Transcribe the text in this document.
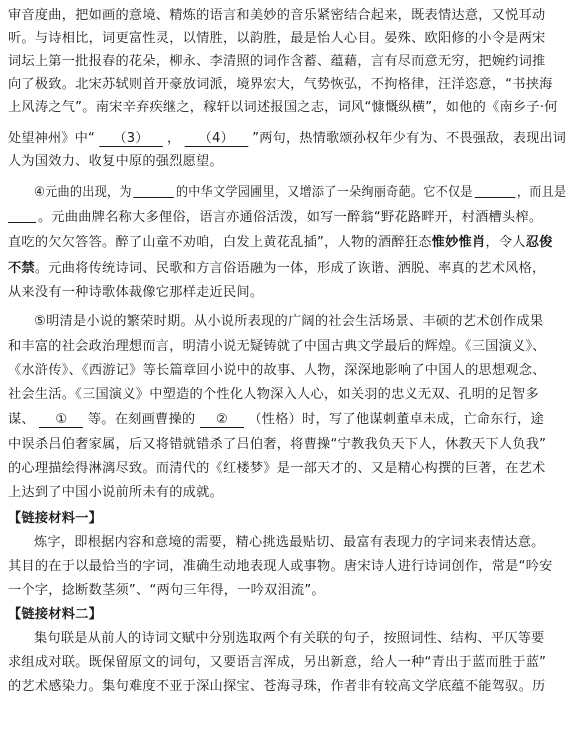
审音度曲，把如画的意境、精炼的语言和美妙的音乐紧密结合起来，既表情达意，又悦耳动
听。与诗相比，词更富性灵，以情胜，以韵胜，最是怡人心目。晏殊、欧阳修的小令是两宋
词坛上第一批报春的花朵，柳永、李清照的词作含蓄、蕴藉，言有尽而意无穷，把婉约词推
向了极致。北宋苏轼则首开豪放词派，境界宏大，气势恢弘，不拘格律，汪洋恣意，“书挟海
上风涛之气”。南宋辛弃疾继之，稼轩以词述报国之志，词风“慷慨纵横”，如他的《南乡子·何
处望神州》中“ （3） ， （4） ”两句，热情歌颂孙权年少有为、不畏强敌，表现出词
人为国效力、收复中原的强烈愿望。
④元曲的出现，为	的中华文学园圃里，又增添了一朵绚丽奇葩。它不仅是	，而且是
。元曲曲牌名称大多俚俗，语言亦通俗活泼，如写一醉翁“野花路畔开，村酒槽头榨。
直吃的欠欠答答。醉了山童不劝咱，白发上黄花乱插”，人物的酒醉狂态惟妙惟肖，令人忍俊
不禁。元曲将传统诗词、民歌和方言俗语融为一体，形成了诙谐、洒脱、率真的艺术风格，
从来没有一种诗歌体裁像它那样走近民间。
⑤明清是小说的繁荣时期。从小说所表现的广阔的社会生活场景、丰硕的艺术创作成果
和丰富的社会政治理想而言，明清小说无疑铸就了中国古典文学最后的辉煌。《三国演义》、
《水浒传》、《西游记》等长篇章回小说中的故事、人物，深深地影响了中国人的思想观念、
社会生活。《三国演义》中塑造的个性化人物深入人心，如关羽的忠义无双、孔明的足智多
谋、 ① 等。在刻画曹操的 ② （性格）时，写了他谋刺董卓未成，亡命东行，途
中误杀吕伯奢家属，后又将错就错杀了吕伯奢，将曹操“宁教我负天下人，休教天下人负我”
的心理描绘得淋漓尽致。而清代的《红楼梦》是一部天才的、又是精心构撰的巨著，在艺术
上达到了中国小说前所未有的成就。
【链接材料一】
炼字，即根据内容和意境的需要，精心挑选最贴切、最富有表现力的字词来表情达意。
其目的在于以最恰当的字词，准确生动地表现人或事物。唐宋诗人进行诗词创作，常是“吟安
一个字，捻断数茎须”、“两句三年得，一吟双泪流”。
【链接材料二】
集句联是从前人的诗词文赋中分别选取两个有关联的句子，按照词性、结构、平仄等要
求组成对联。既保留原文的词句，又要语言浑成，另出新意，给人一种“青出于蓝而胜于蓝”
的艺术感染力。集句难度不亚于深山探宝、苍海寻珠，作者非有较高文学底蕴不能驾驭。历
